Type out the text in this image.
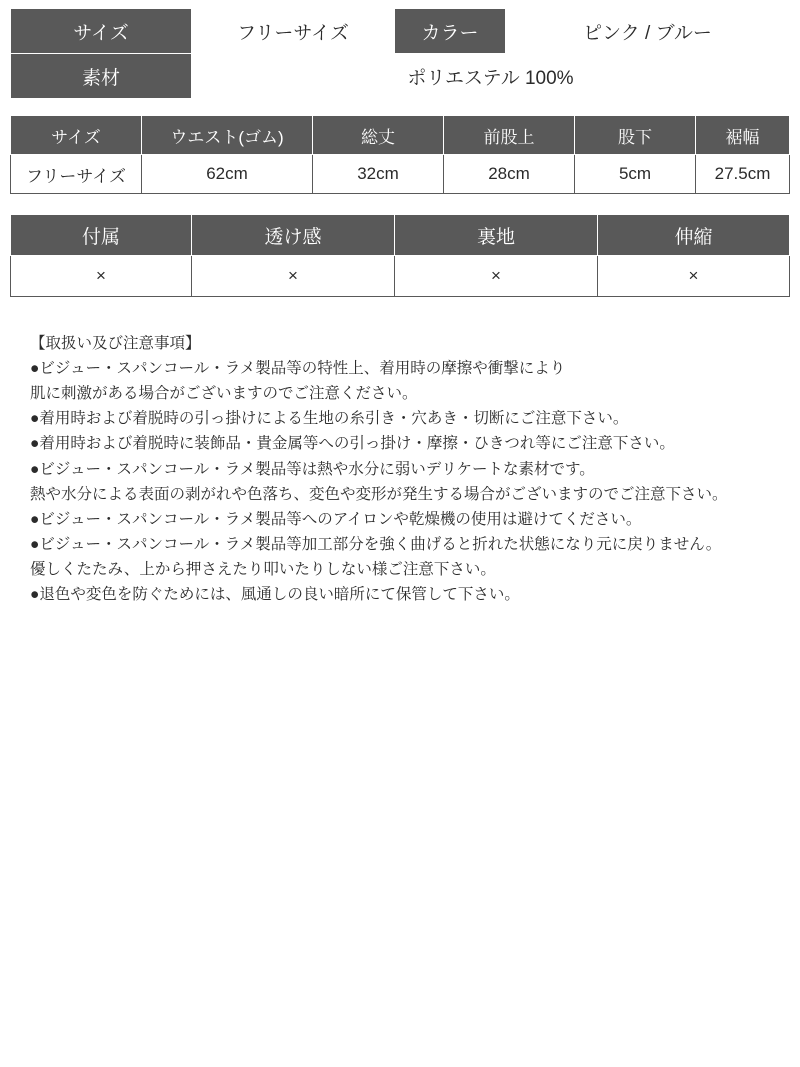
サイズ	フリーサイズ	カラー	ピンク / ブルー
素材	ポリエステル 100%		
サイズ	ウエスト(ゴム)	総丈	前股上	股下	裾幅
フリーサイズ	62cm	32cm	28cm	5cm	27.5cm
付属	透け感	裏地	伸縮
×	×	×	×
【取扱い及び注意事項】
●ビジュー・スパンコール・ラメ製品等の特性上、着用時の摩擦や衝撃により
肌に刺激がある場合がございますのでご注意ください。
●着用時および着脱時の引っ掛けによる生地の糸引き・穴あき・切断にご注意下さい。
●着用時および着脱時に装飾品・貴金属等への引っ掛け・摩擦・ひきつれ等にご注意下さい。
●ビジュー・スパンコール・ラメ製品等は熱や水分に弱いデリケートな素材です。
熱や水分による表面の剥がれや色落ち、変色や変形が発生する場合がございますのでご注意下さい。
●ビジュー・スパンコール・ラメ製品等へのアイロンや乾燥機の使用は避けてください。
●ビジュー・スパンコール・ラメ製品等加工部分を強く曲げると折れた状態になり元に戻りません。
優しくたたみ、上から押さえたり叩いたりしない様ご注意下さい。
●退色や変色を防ぐためには、風通しの良い暗所にて保管して下さい。
